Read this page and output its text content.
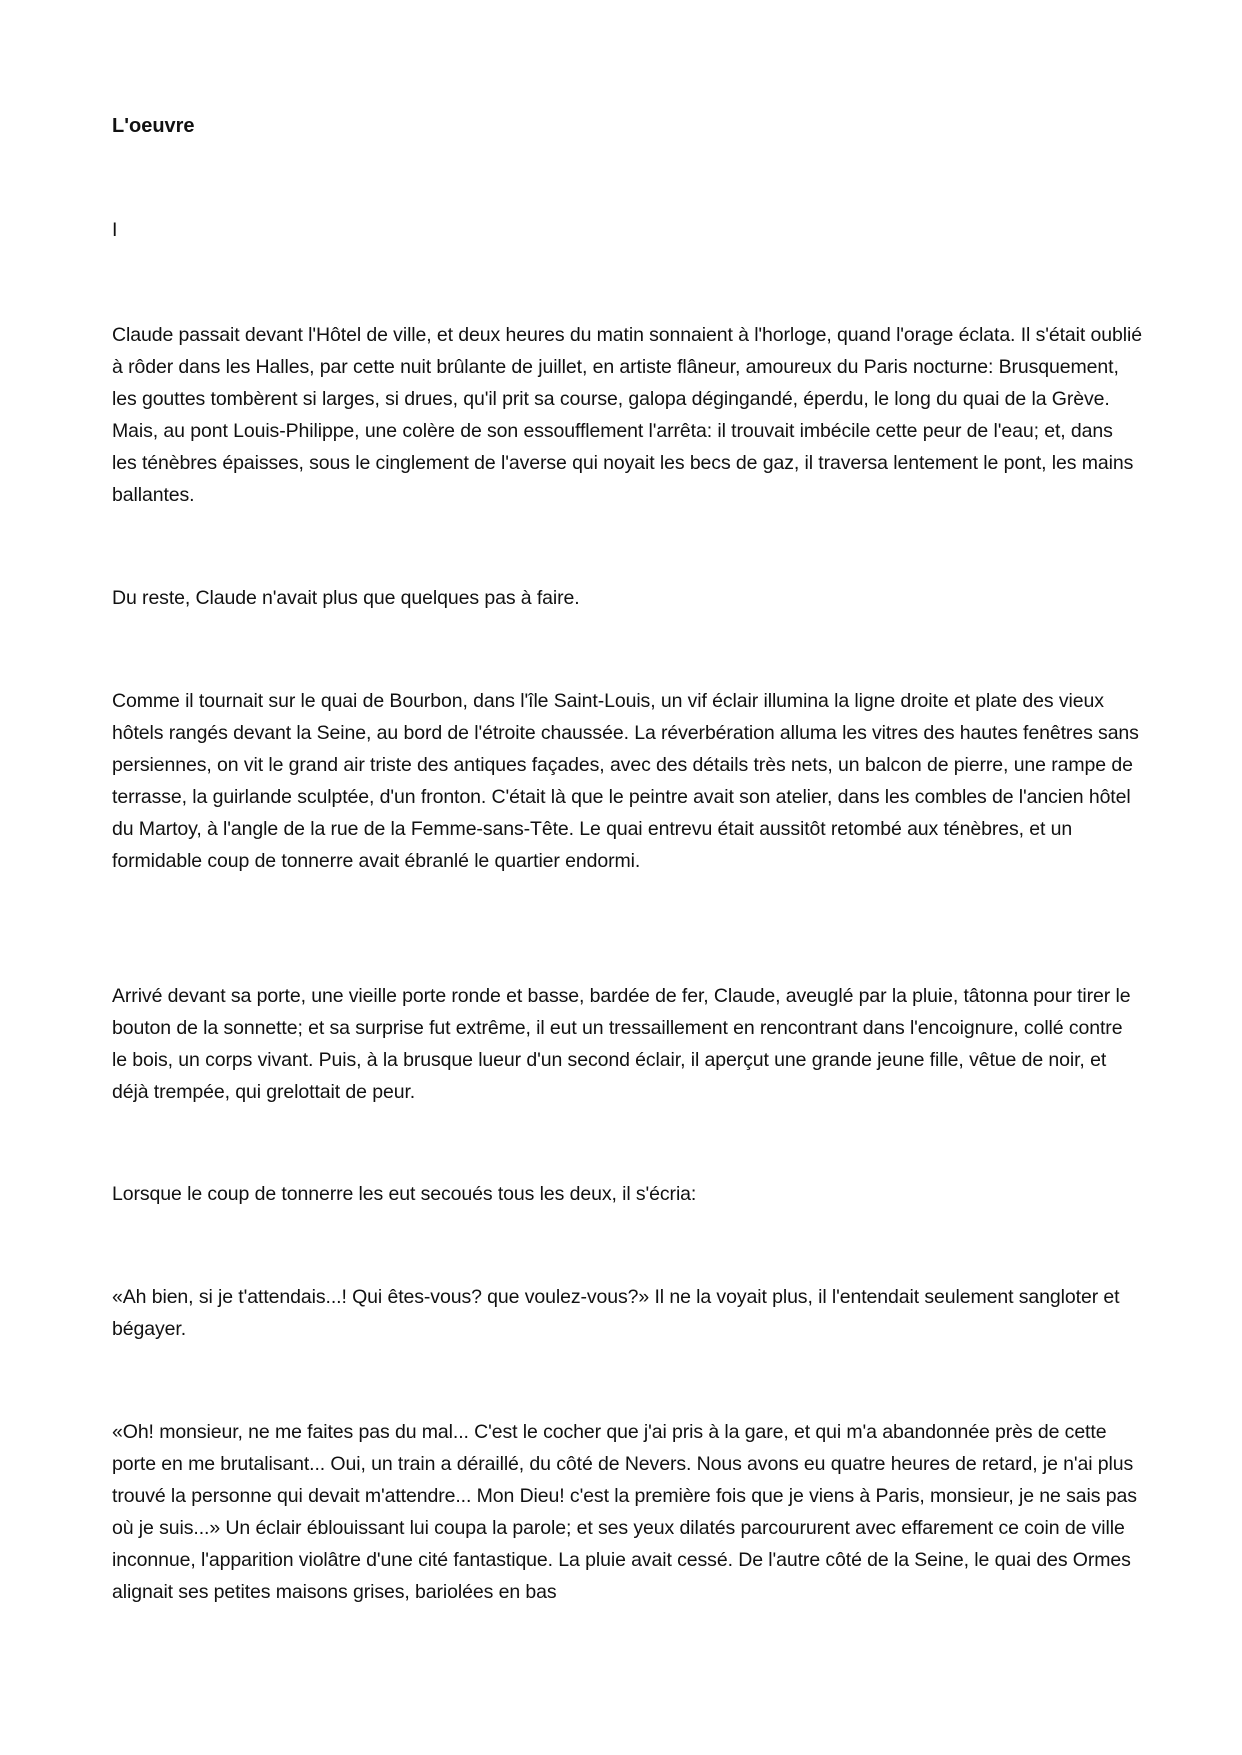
L'oeuvre

I

Claude passait devant l'Hôtel de ville, et deux heures du matin sonnaient à l'horloge, quand l'orage éclata. Il s'était oublié à rôder dans les Halles, par cette nuit brûlante de juillet, en artiste flâneur, amoureux du Paris nocturne: Brusquement, les gouttes tombèrent si larges, si drues, qu'il prit sa course, galopa dégingandé, éperdu, le long du quai de la Grève. Mais, au pont Louis-Philippe, une colère de son essoufflement l'arrêta: il trouvait imbécile cette peur de l'eau; et, dans les ténèbres épaisses, sous le cinglement de l'averse qui noyait les becs de gaz, il traversa lentement le pont, les mains ballantes.

Du reste, Claude n'avait plus que quelques pas à faire.

Comme il tournait sur le quai de Bourbon, dans l'île Saint-Louis, un vif éclair illumina la ligne droite et plate des vieux hôtels rangés devant la Seine, au bord de l'étroite chaussée. La réverbération alluma les vitres des hautes fenêtres sans persiennes, on vit le grand air triste des antiques façades, avec des détails très nets, un balcon de pierre, une rampe de terrasse, la guirlande sculptée, d'un fronton. C'était là que le peintre avait son atelier, dans les combles de l'ancien hôtel du Martoy, à l'angle de la rue de la Femme-sans-Tête. Le quai entrevu était aussitôt retombé aux ténèbres, et un formidable coup de tonnerre avait ébranlé le quartier endormi.

Arrivé devant sa porte, une vieille porte ronde et basse, bardée de fer, Claude, aveuglé par la pluie, tâtonna pour tirer le bouton de la sonnette; et sa surprise fut extrême, il eut un tressaillement en rencontrant dans l'encoignure, collé contre le bois, un corps vivant. Puis, à la brusque lueur d'un second éclair, il aperçut une grande jeune fille, vêtue de noir, et déjà trempée, qui grelottait de peur.

Lorsque le coup de tonnerre les eut secoués tous les deux, il s'écria:

«Ah bien, si je t'attendais...! Qui êtes-vous? que voulez-vous?» Il ne la voyait plus, il l'entendait seulement sangloter et bégayer.

«Oh! monsieur, ne me faites pas du mal... C'est le cocher que j'ai pris à la gare, et qui m'a abandonnée près de cette porte en me brutalisant... Oui, un train a déraillé, du côté de Nevers. Nous avons eu quatre heures de retard, je n'ai plus trouvé la personne qui devait m'attendre... Mon Dieu! c'est la première fois que je viens à Paris, monsieur, je ne sais pas où je suis...» Un éclair éblouissant lui coupa la parole; et ses yeux dilatés parcoururent avec effarement ce coin de ville inconnue, l'apparition violâtre d'une cité fantastique. La pluie avait cessé. De l'autre côté de la Seine, le quai des Ormes alignait ses petites maisons grises, bariolées en bas
